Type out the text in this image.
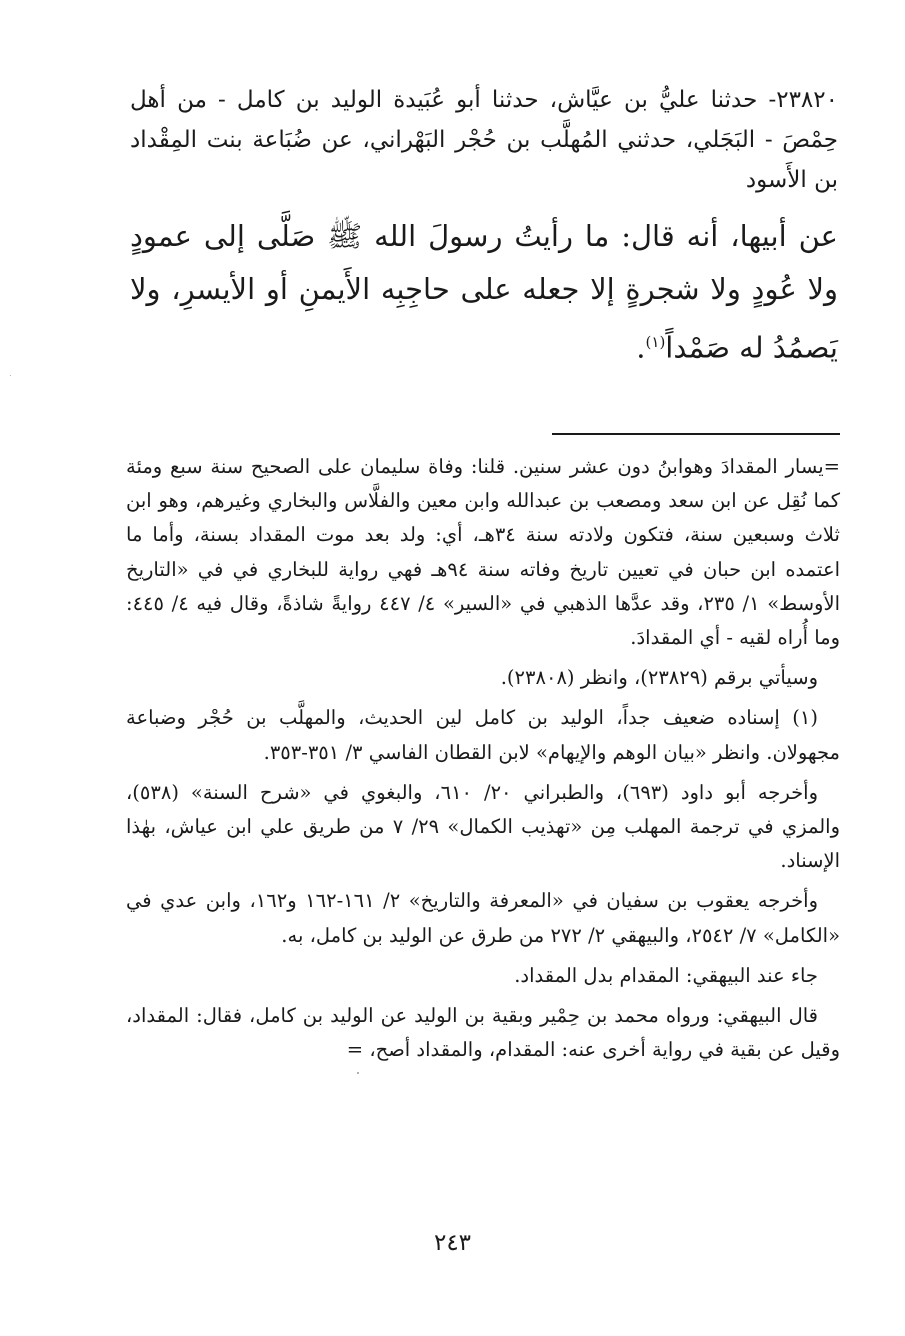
٢٣٨٢٠- حدثنا عليُّ بن عيَّاش، حدثنا أبو عُبَيدة الوليد بن كامل - من أهل حِمْصَ - البَجَلي، حدثني المُهلَّب بن حُجْر البَهْراني، عن ضُبَاعة بنت المِقْداد بن الأَسود

عن أبيها، أنه قال: ما رأيتُ رسولَ الله ﷺ صَلَّى إلى عمودٍ ولا عُودٍ ولا شجرةٍ إلا جعله على حاجِبِه الأَيمنِ أو الأيسرِ، ولا يَصمُدُ له صَمْداً$^{(١)}$.

=يسار المقدادَ وهوابنُ دون عشر سنين. قلنا: وفاة سليمان على الصحيح سنة سبع ومئة كما نُقِل عن ابن سعد ومصعب بن عبدالله وابن معين والفلَّاس والبخاري وغيرهم، وهو ابن ثلاث وسبعين سنة، فتكون ولادته سنة ٣٤هـ، أي: ولد بعد موت المقداد بسنة، وأما ما اعتمده ابن حبان في تعيين تاريخ وفاته سنة ٩٤هـ فهي رواية للبخاري في في «التاريخ الأوسط» ١/ ٢٣٥، وقد عدَّها الذهبي في «السير» ٤/ ٤٤٧ روايةً شاذةً، وقال فيه ٤/ ٤٤٥: وما أُراه لقيه - أي المقدادَ.

وسيأتي برقم (٢٣٨٢٩)، وانظر (٢٣٨٠٨).

(١) إسناده ضعيف جداً، الوليد بن كامل لين الحديث، والمهلَّب بن حُجْر وضباعة مجهولان. وانظر «بيان الوهم والإيهام» لابن القطان الفاسي ٣/ ٣٥١-٣٥٣.

وأخرجه أبو داود (٦٩٣)، والطبراني ٢٠/ ٦١٠، والبغوي في «شرح السنة» (٥٣٨)، والمزي في ترجمة المهلب مِن «تهذيب الكمال» ٢٩/ ٧ من طريق علي ابن عياش، بهٰذا الإسناد.

وأخرجه يعقوب بن سفيان في «المعرفة والتاريخ» ٢/ ١٦١-١٦٢ و١٦٢، وابن عدي في «الكامل» ٧/ ٢٥٤٢، والبيهقي ٢/ ٢٧٢ من طرق عن الوليد بن كامل، به.

جاء عند البيهقي: المقدام بدل المقداد.

قال البيهقي: ورواه محمد بن حِمْير وبقية بن الوليد عن الوليد بن كامل، فقال: المقداد، وقيل عن بقية في رواية أخرى عنه: المقدام، والمقداد أصح، =

٢٤٣
